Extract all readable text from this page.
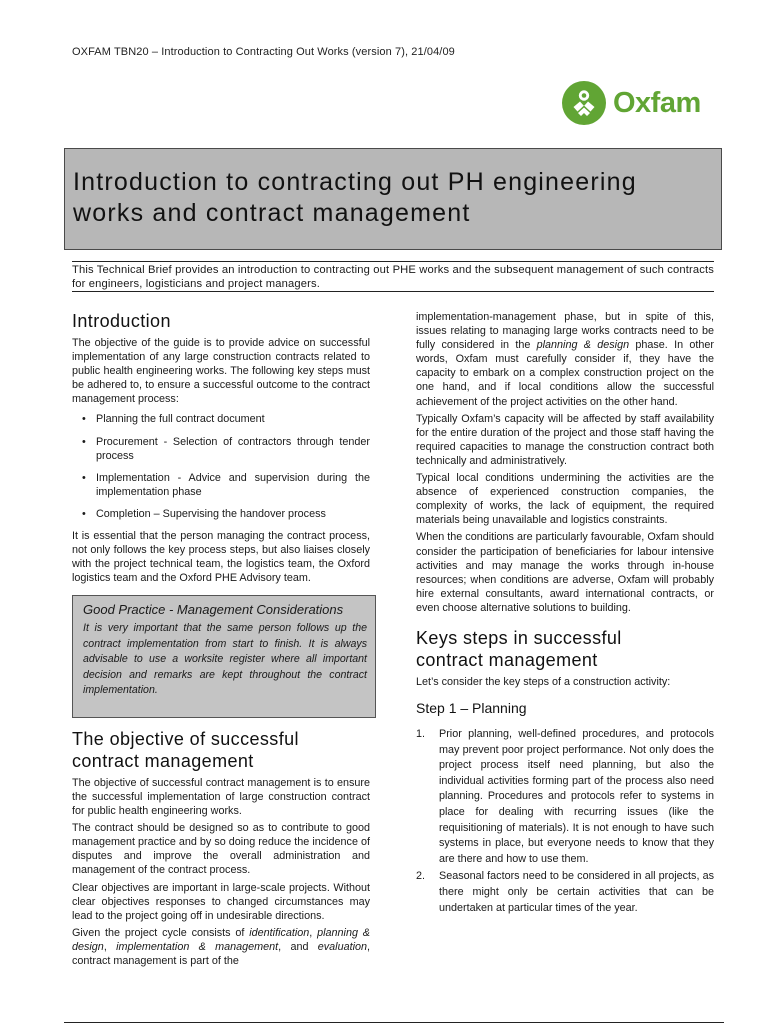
OXFAM TBN20 – Introduction to Contracting Out Works (version 7), 21/04/09
Oxfam
Introduction to contracting out PH engineering
works and contract management
This Technical Brief provides an introduction to contracting out PHE works and the subsequent management of such contracts for engineers, logisticians and project managers.
Introduction

The objective of the guide is to provide advice on successful implementation of any large construction contracts related to public health engineering works. The following key steps must be adhered to, to ensure a successful outcome to the contract management process:

• Planning the full contract document
• Procurement - Selection of contractors through tender process
• Implementation - Advice and supervision during the implementation phase
• Completion – Supervising the handover process

It is essential that the person managing the contract process, not only follows the key process steps, but also liaises closely with the project technical team, the logistics team, the Oxford logistics team and the Oxford PHE Advisory team.

Good Practice - Management Considerations
It is very important that the same person follows up the contract implementation from start to finish. It is always advisable to use a worksite register where all important decision and remarks are kept throughout the contract implementation.
The objective of successful
contract management

The objective of successful contract management is to ensure the successful implementation of large construction contract for public health engineering works.

The contract should be designed so as to contribute to good management practice and by so doing reduce the incidence of disputes and improve the overall administration and management of the contract process.

Clear objectives are important in large-scale projects. Without clear objectives responses to changed circumstances may lead to the project going off in undesirable directions.

Given the project cycle consists of identification, planning & design, implementation & management, and evaluation, contract management is part of the

implementation-management phase, but in spite of this, issues relating to managing large works contracts need to be fully considered in the planning & design phase. In other words, Oxfam must carefully consider if, they have the capacity to embark on a complex construction project on the one hand, and if local conditions allow the successful achievement of the project activities on the other hand.

Typically Oxfam’s capacity will be affected by staff availability for the entire duration of the project and those staff having the required capacities to manage the construction contract both technically and administratively.

Typical local conditions undermining the activities are the absence of experienced construction companies, the complexity of works, the lack of equipment, the required materials being unavailable and logistics constraints.

When the conditions are particularly favourable, Oxfam should consider the participation of beneficiaries for labour intensive activities and may manage the works through in-house resources; when conditions are adverse, Oxfam will probably hire external consultants, award international contracts, or even choose alternative solutions to building.

Keys steps in successful
contract management

Let’s consider the key steps of a construction activity:

Step 1 – Planning
1. Prior planning, well-defined procedures, and protocols may prevent poor project performance. Not only does the project process itself need planning, but also the individual activities forming part of the process also need planning. Procedures and protocols refer to systems in place for dealing with recurring issues (like the requisitioning of materials). It is not enough to have such systems in place, but everyone needs to know that they are there and how to use them.
2. Seasonal factors need to be considered in all projects, as there might only be certain activities that can be undertaken at particular times of the year.
